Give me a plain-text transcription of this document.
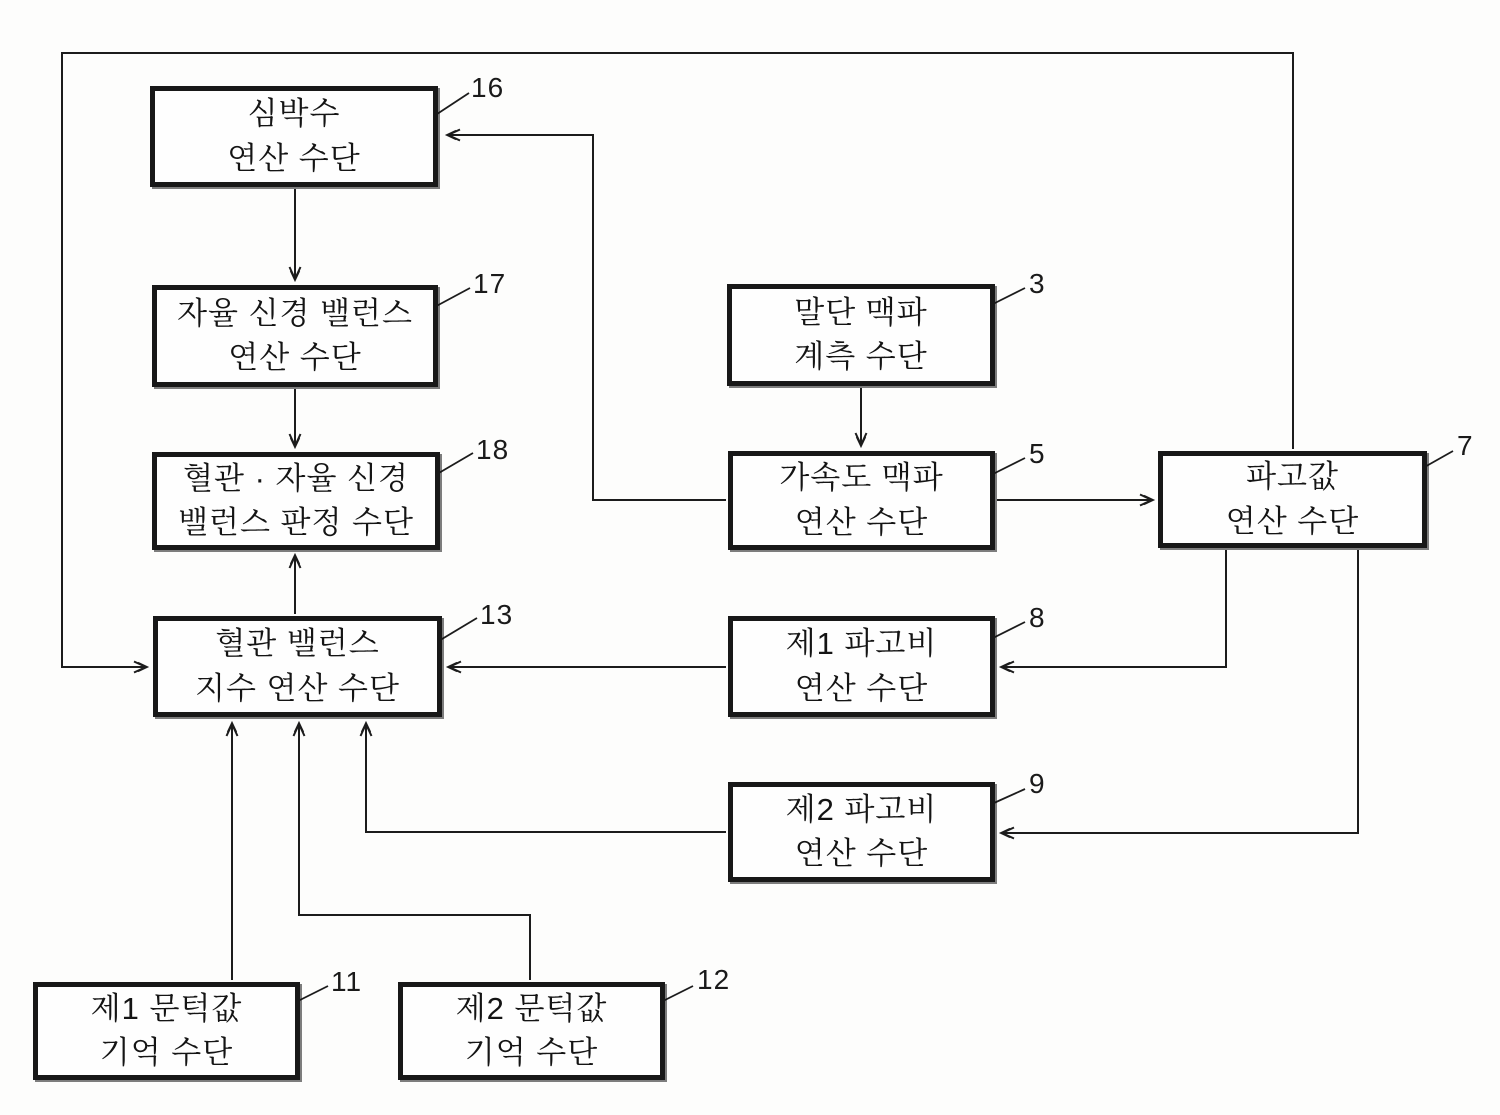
심박수
연산 수단
자율 신경 밸런스
연산 수단
혈관 · 자율 신경
밸런스 판정 수단
혈관 밸런스
지수 연산 수단
말단 맥파
계측 수단
가속도 맥파
연산 수단
파고값
연산 수단
제1 파고비
연산 수단
제2 파고비
연산 수단
제1 문턱값
기억 수단
제2 문턱값
기억 수단
16
17
18
13
3
5	7
8
9
11	12
